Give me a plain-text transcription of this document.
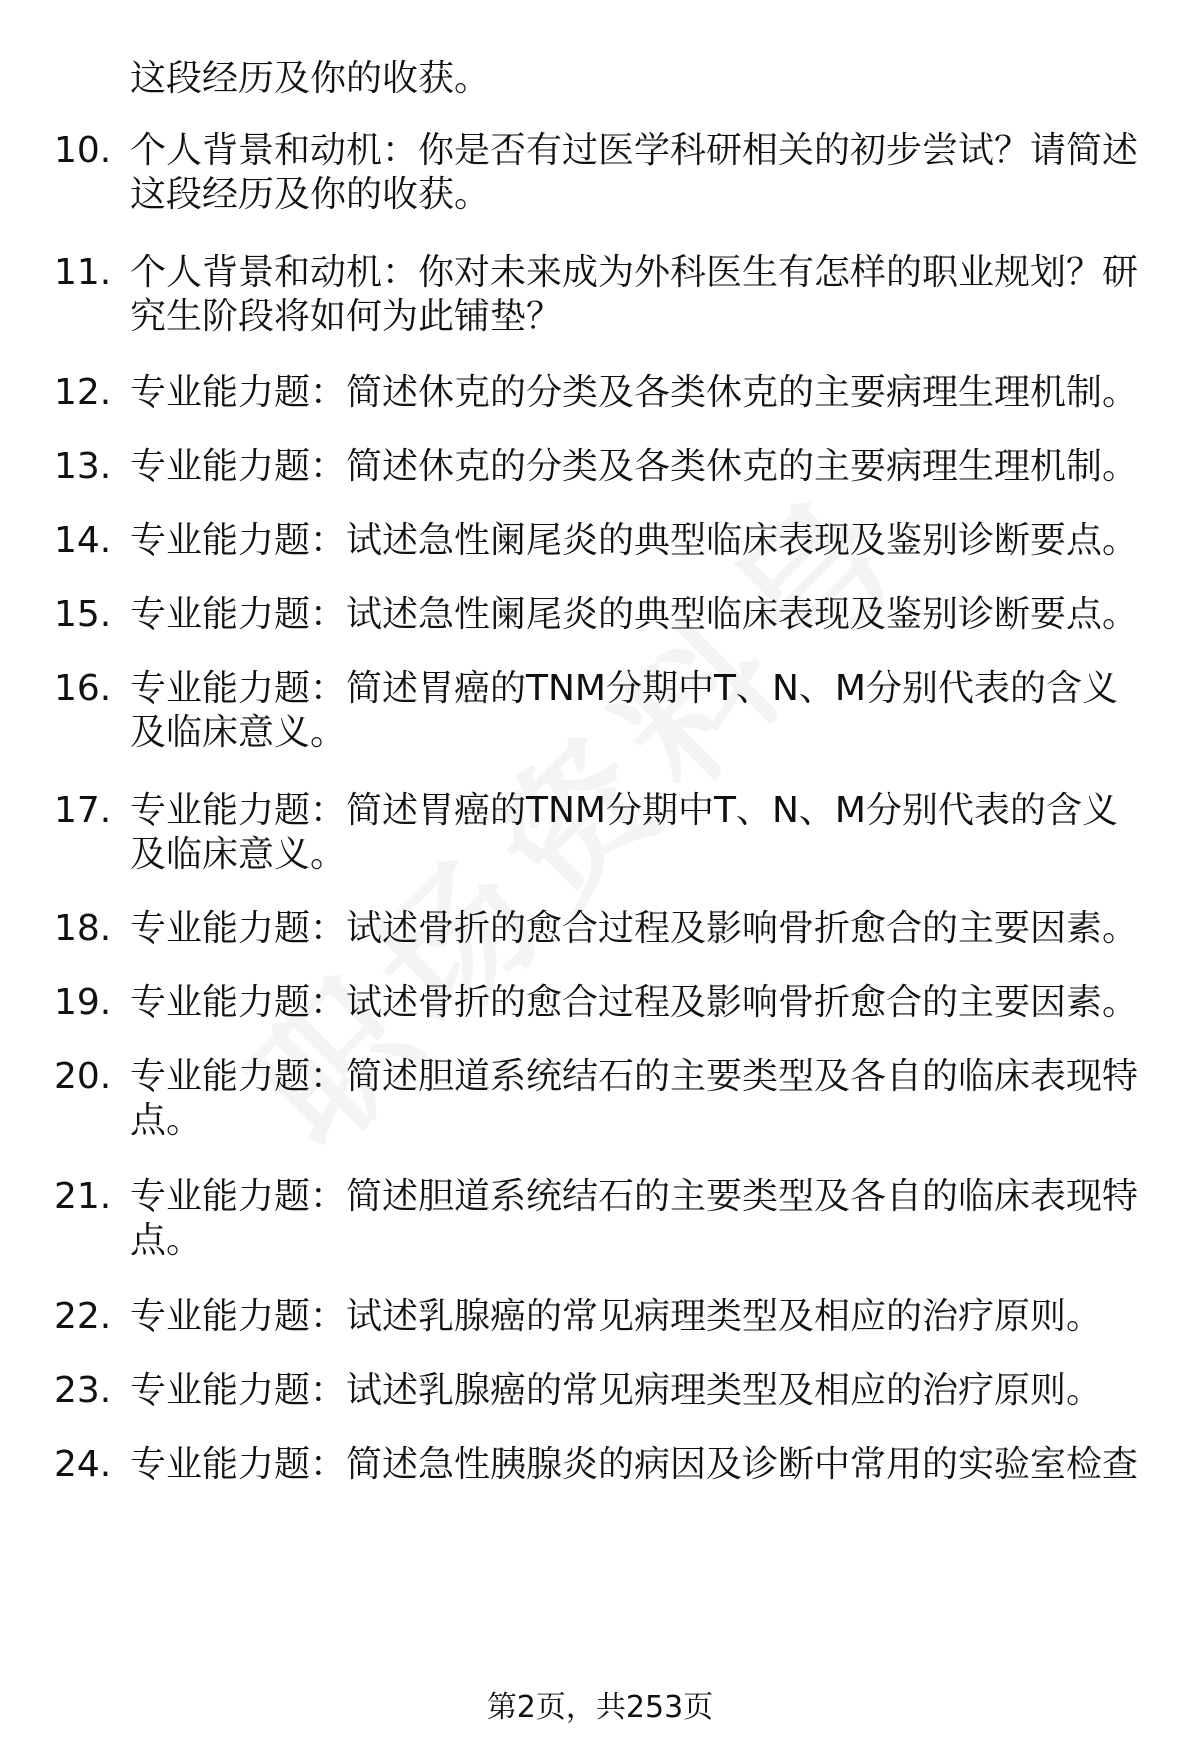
这段经历及你的收获。
10. 个人背景和动机：你是否有过医学科研相关的初步尝试？请简述
这段经历及你的收获。
11. 个人背景和动机：你对未来成为外科医生有怎样的职业规划？研
究生阶段将如何为此铺垫？
12. 专业能力题：简述休克的分类及各类休克的主要病理生理机制。
13. 专业能力题：简述休克的分类及各类休克的主要病理生理机制。
14. 专业能力题：试述急性阑尾炎的典型临床表现及鉴别诊断要点。
15. 专业能力题：试述急性阑尾炎的典型临床表现及鉴别诊断要点。
16. 专业能力题：简述胃癌的TNM分期中T、N、M分别代表的含义
及临床意义。
17. 专业能力题：简述胃癌的TNM分期中T、N、M分别代表的含义
及临床意义。
18. 专业能力题：试述骨折的愈合过程及影响骨折愈合的主要因素。
19. 专业能力题：试述骨折的愈合过程及影响骨折愈合的主要因素。
20. 专业能力题：简述胆道系统结石的主要类型及各自的临床表现特
点。
21. 专业能力题：简述胆道系统结石的主要类型及各自的临床表现特
点。
22. 专业能力题：试述乳腺癌的常见病理类型及相应的治疗原则。
23. 专业能力题：试述乳腺癌的常见病理类型及相应的治疗原则。
24. 专业能力题：简述急性胰腺炎的病因及诊断中常用的实验室检查
第2页，共253页
